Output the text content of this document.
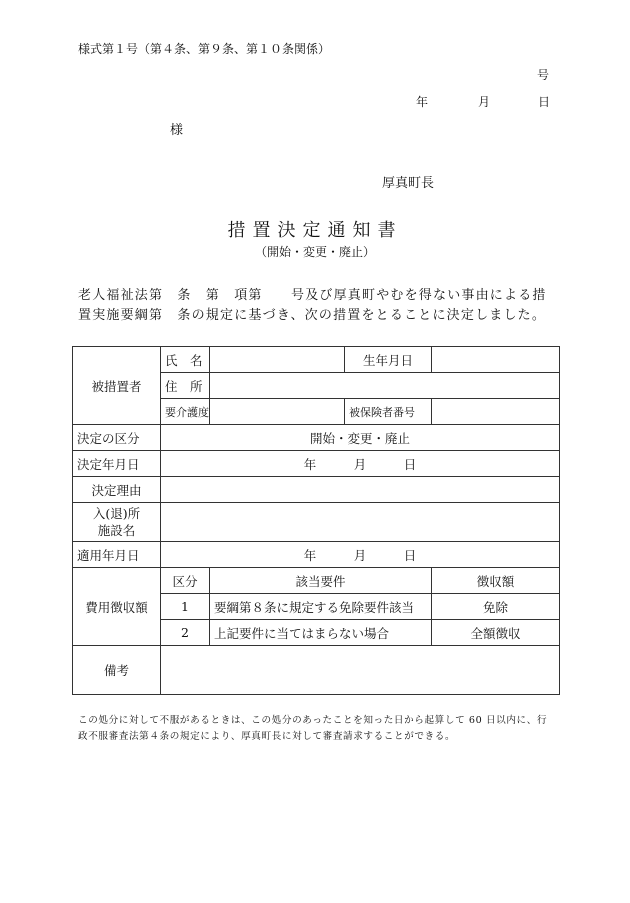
様式第１号（第４条、第９条、第１０条関係）
号
年	月	日
様
厚真町長
措置決定通知書
（開始・変更・廃止）
老人福祉法第　条　第　項第　　号及び厚真町やむを得ない事由による措置実施要綱第　条の規定に基づき、次の措置をとることに決定しました。
被措置者	氏　名		生年月日	
	住　所			
	要介護度		被保険者番号	
決定の区分	開始・変更・廃止			
決定年月日	年　　　月　　　日			
決定理由				
入(退)所
施設名				
適用年月日	年　　　月　　　日			
費用徴収額	区分	該当要件		徴収額
	1	要綱第８条に規定する免除要件該当		免除
	2	上記要件に当てはまらない場合		全額徴収
備考				
この処分に対して不服があるときは、この処分のあったことを知った日から起算して 60 日以内に、行政不服審査法第４条の規定により、厚真町長に対して審査請求することができる。
